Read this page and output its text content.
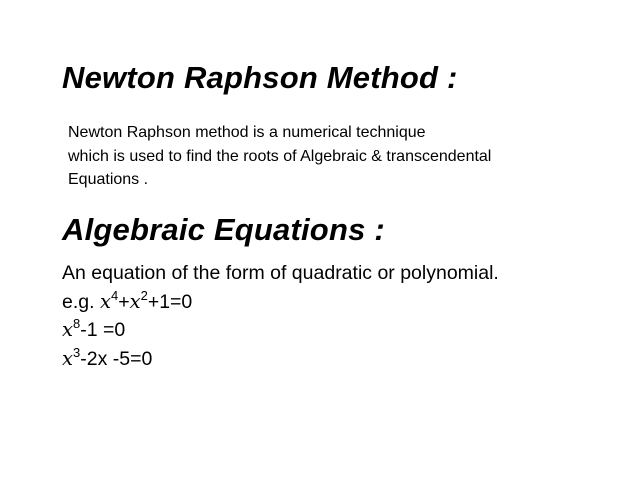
Newton Raphson Method :
Newton Raphson method is a numerical technique
which is used to find the roots of Algebraic & transcendental
Equations .
Algebraic Equations :
An equation of the form of quadratic or polynomial.
e.g. $x^4+x^2+1=0$
$x^8-1 =0$
$x^3-2x$ -5=0
